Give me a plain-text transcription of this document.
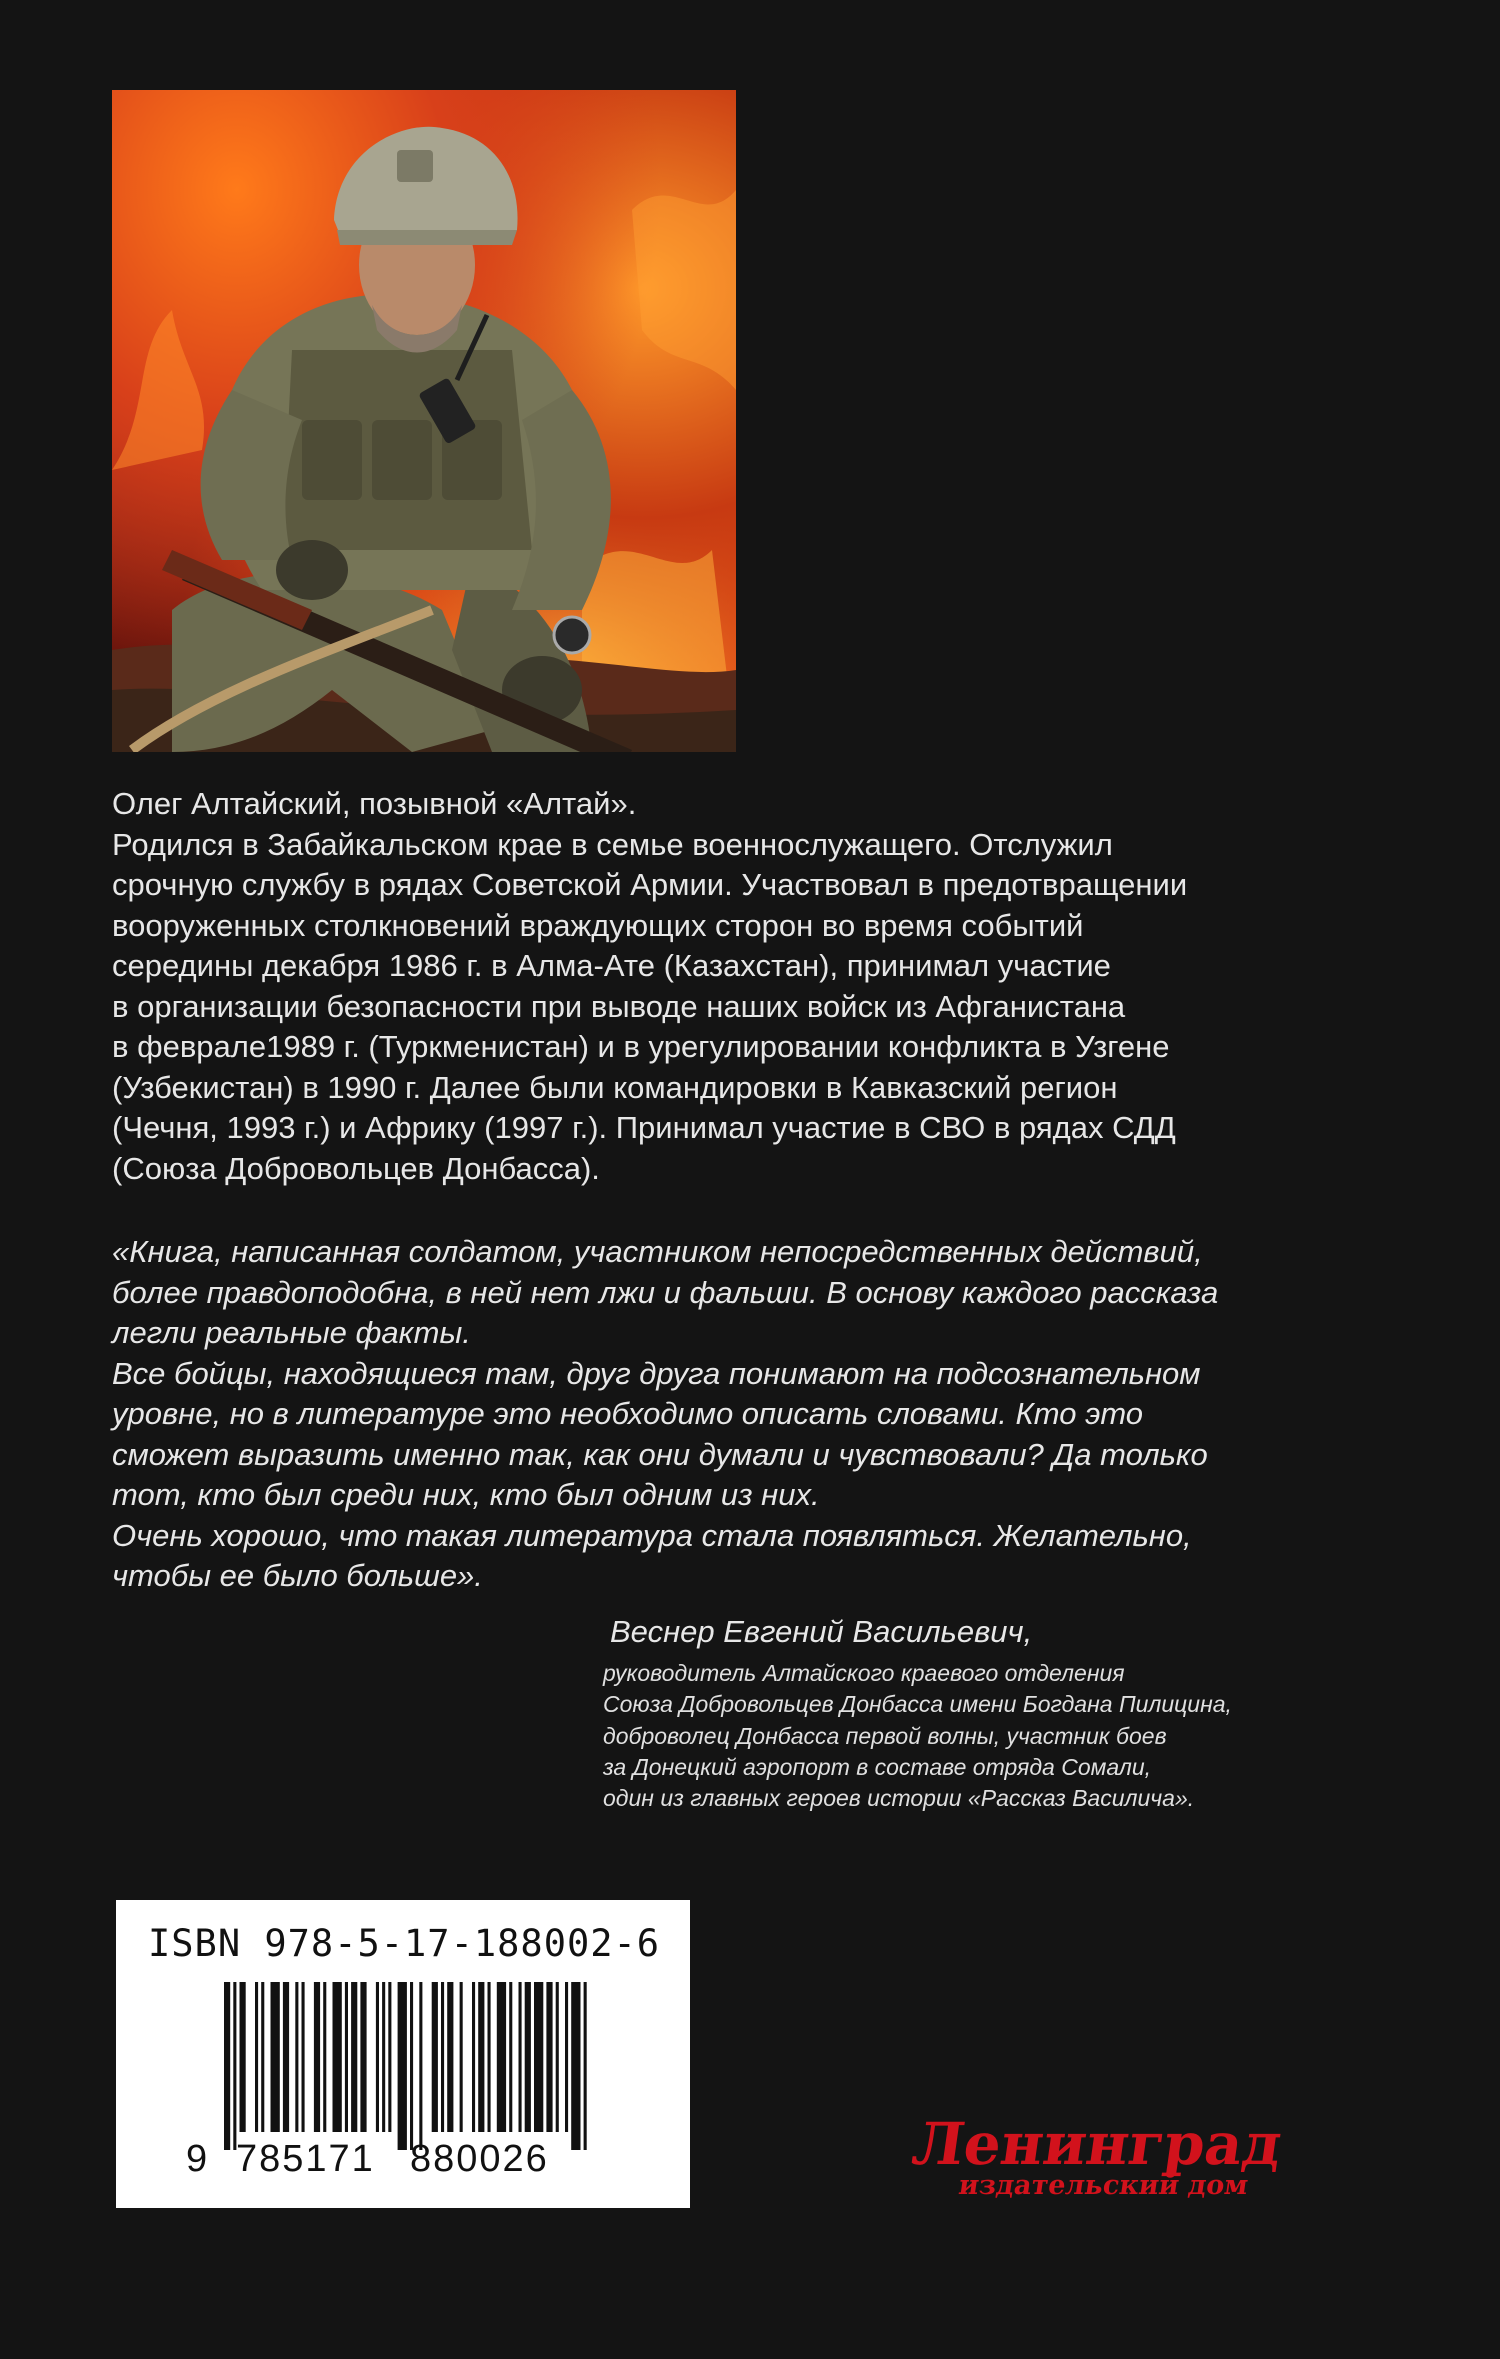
Олег Алтайский, позывной «Алтай».
Родился в Забайкальском крае в семье военнослужащего. Отслужил
срочную службу в рядах Советской Армии. Участвовал в предотвращении
вооруженных столкновений враждующих сторон во время событий
середины декабря 1986 г. в Алма-Ате (Казахстан), принимал участие
в организации безопасности при выводе наших войск из Афганистана
в феврале1989 г. (Туркменистан) и в урегулировании конфликта в Узгене
(Узбекистан) в 1990 г. Далее были командировки в Кавказский регион
(Чечня, 1993 г.) и Африку (1997 г.). Принимал участие в СВО в рядах СДД
(Союза Добровольцев Донбасса).
«Книга, написанная солдатом, участником непосредственных действий,
более правдоподобна, в ней нет лжи и фальши. В основу каждого рассказа
легли реальные факты.
Все бойцы, находящиеся там, друг друга понимают на подсознательном
уровне, но в литературе это необходимо описать словами. Кто это
сможет выразить именно так, как они думали и чувствовали? Да только
тот, кто был среди них, кто был одним из них.
Очень хорошо, что такая литература стала появляться. Желательно,
чтобы ее было больше».
Веснер Евгений Васильевич,
руководитель Алтайского краевого отделения
Союза Добровольцев Донбасса имени Богдана Пилицина,
доброволец Донбасса первой волны, участник боев
за Донецкий аэропорт в составе отряда Сомали,
один из главных героев истории «Рассказ Василича».
ISBN 978-5-17-188002-6
9 785171 880026	Ленинград
издательский дом
